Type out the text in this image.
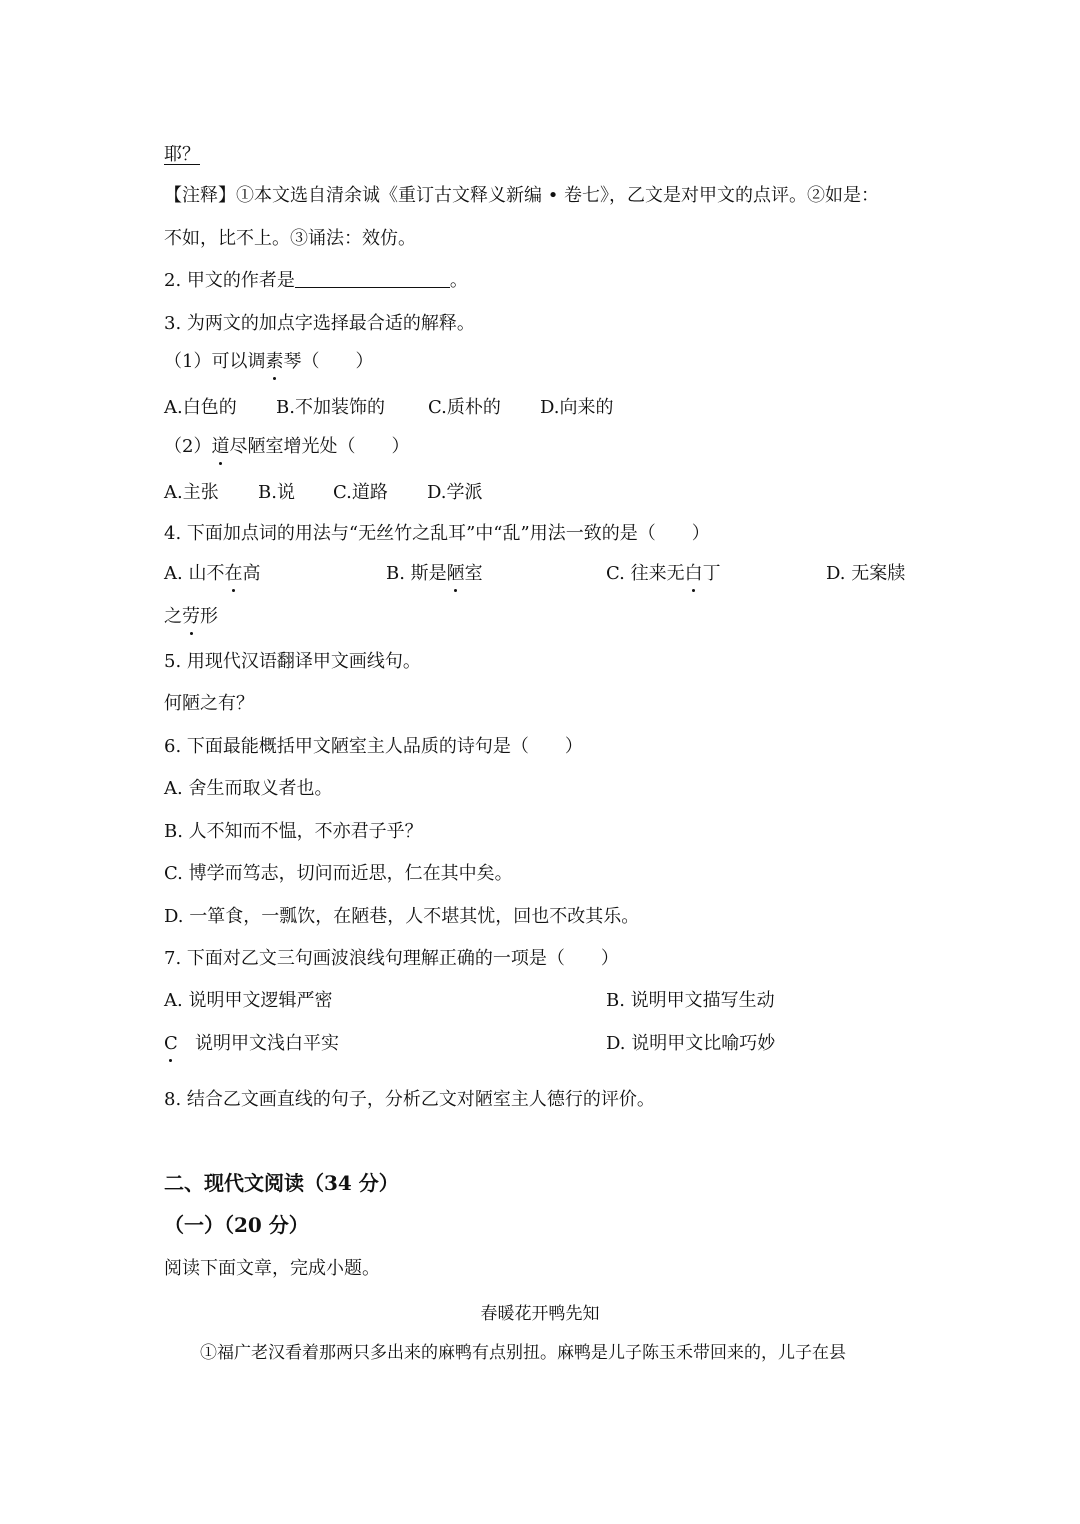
耶？
【注释】①本文选自清余诚《重订古文释义新编 • 卷七》，乙文是对甲文的点评。②如是：
不如，比不上。③诵法：效仿。
2. 甲文的作者是	。
3. 为两文的加点字选择最合适的解释。
（1）可以调素琴（　　）
A.白色的 B.不加装饰的 C.质朴的 D.向来的
（2）道尽陋室增光处（　　）
A.主张 B.说 C.道路 D.学派
4. 下面加点词的用法与“无丝竹之乱耳”中“乱”用法一致的是（　　）
A. 山不在高	B. 斯是陋室	C. 往来无白丁	D. 无案牍
之劳形
5. 用现代汉语翻译甲文画线句。
何陋之有？
6. 下面最能概括甲文陋室主人品质的诗句是（　　）
A. 舍生而取义者也。
B. 人不知而不愠，不亦君子乎？
C. 博学而笃志，切问而近思，仁在其中矣。
D. 一箪食，一瓢饮，在陋巷，人不堪其忧，回也不改其乐。
7. 下面对乙文三句画波浪线句理解正确的一项是（　　）
A. 说明甲文逻辑严密	B. 说明甲文描写生动
C 说明甲文浅白平实	D. 说明甲文比喻巧妙
8. 结合乙文画直线的句子，分析乙文对陋室主人德行的评价。
二、现代文阅读（34 分）
（一）（20 分）
阅读下面文章，完成小题。
春暖花开鸭先知
①福广老汉看着那两只多出来的麻鸭有点别扭。麻鸭是儿子陈玉禾带回来的，儿子在县
